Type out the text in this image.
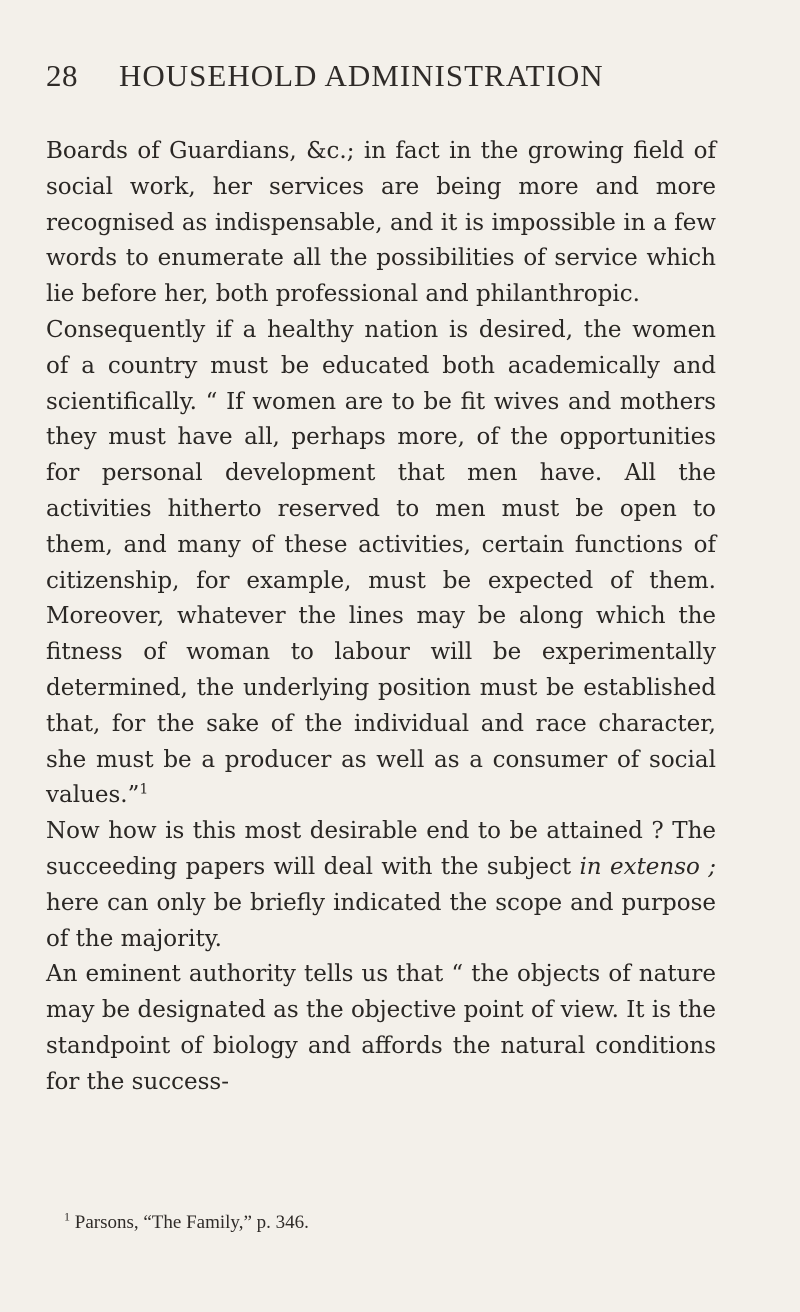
28	HOUSEHOLD ADMINISTRATION

Boards of Guardians, &c.; in fact in the growing field of social work, her services are being more and more recognised as indispensable, and it is impossible in a few words to enumerate all the possibilities of service which lie before her, both professional and philanthropic.

Consequently if a healthy nation is desired, the women of a country must be educated both academically and scientifically. “ If women are to be fit wives and mothers they must have all, perhaps more, of the opportunities for personal development that men have. All the activities hitherto reserved to men must be open to them, and many of these activities, certain functions of citizenship, for example, must be expected of them. Moreover, whatever the lines may be along which the fitness of woman to labour will be experimentally determined, the underlying position must be established that, for the sake of the individual and race character, she must be a producer as well as a consumer of social values.”$^1$

Now how is this most desirable end to be attained ? The succeeding papers will deal with the subject in extenso ; here can only be briefly indicated the scope and purpose of the majority.

An eminent authority tells us that “ the objects of nature may be designated as the objective point of view. It is the standpoint of biology and affords the natural conditions for the success-

$^1$ Parsons, “The Family,” p. 346.
